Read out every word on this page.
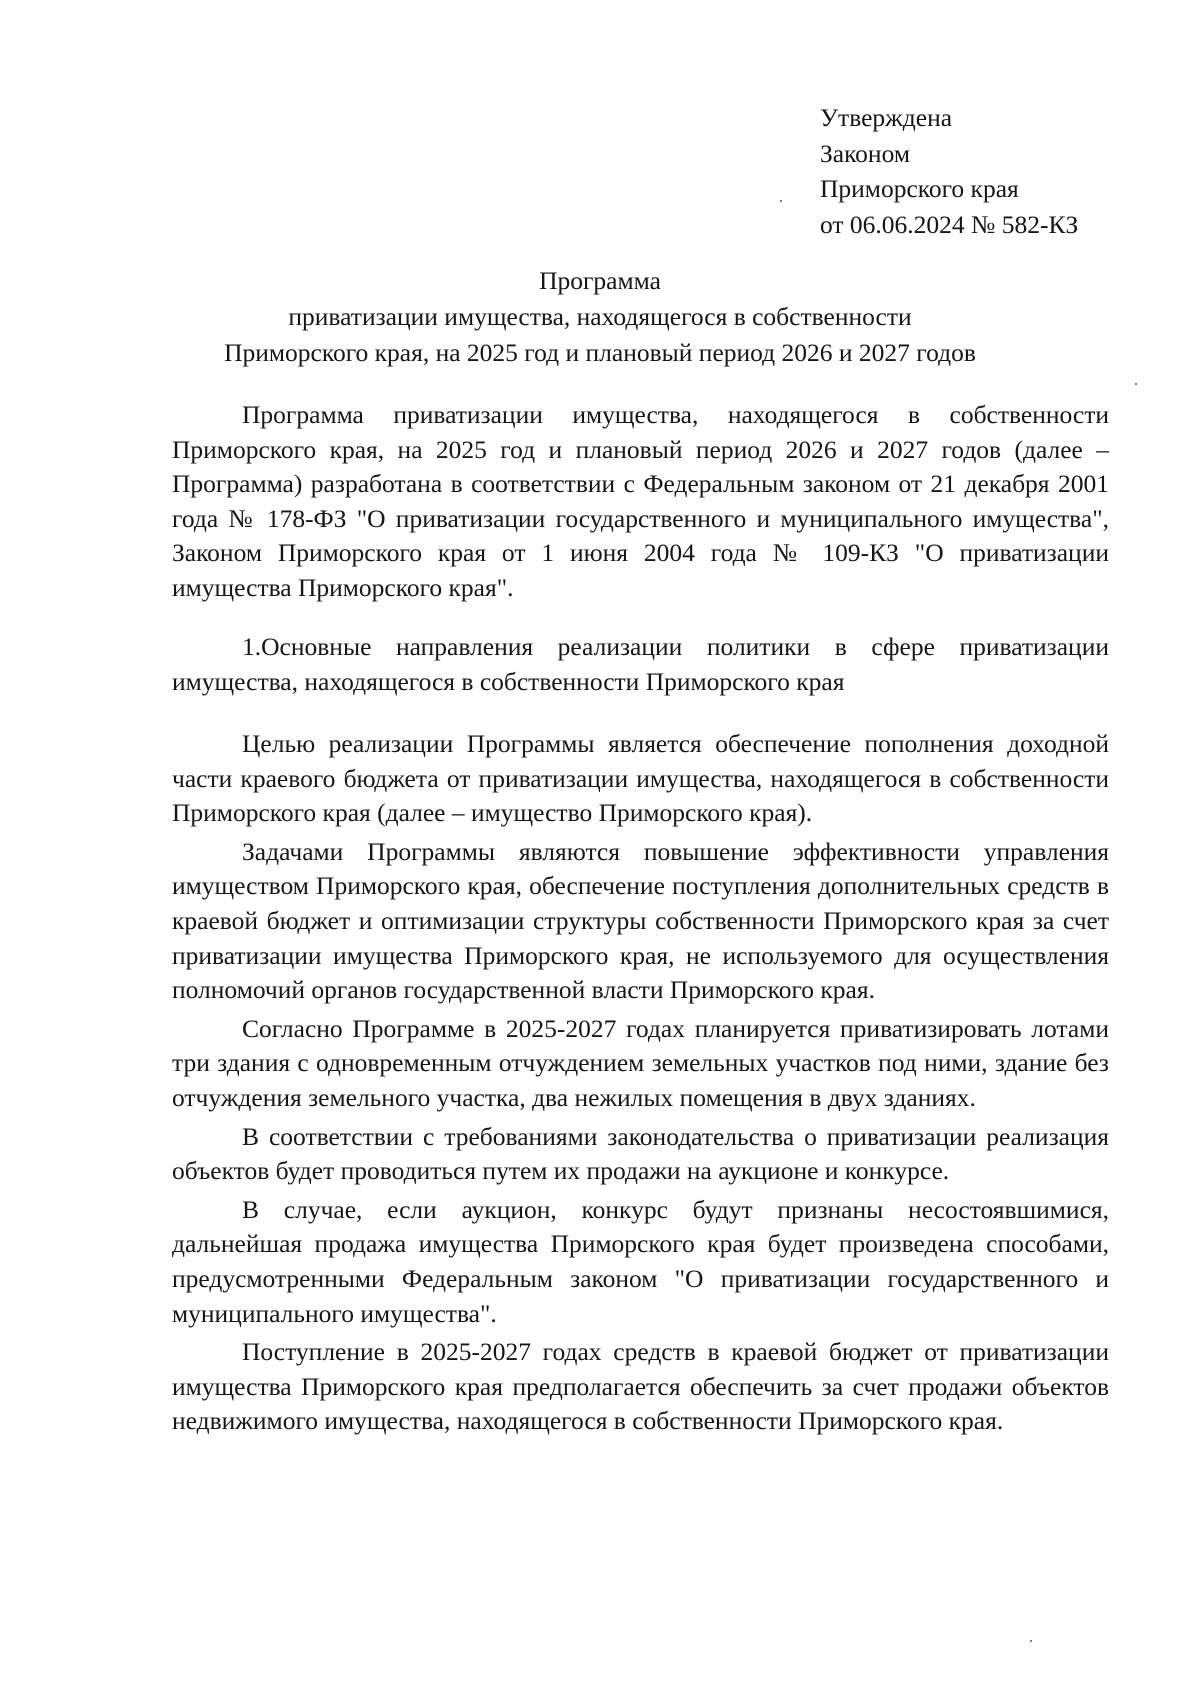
Утверждена
Законом
Приморского края
от 06.06.2024 № 582-КЗ
Программа
приватизации имущества, находящегося в собственности
Приморского края, на 2025 год и плановый период 2026 и 2027 годов

Программа приватизации имущества, находящегося в собственности Приморского края, на 2025 год и плановый период 2026 и 2027 годов (далее – Программа) разработана в соответствии с Федеральным законом от 21 декабря 2001 года № 178-ФЗ "О приватизации государственного и муниципального имущества", Законом Приморского края от 1 июня 2004 года № 109-КЗ "О приватизации имущества Приморского края".

1.Основные направления реализации политики в сфере приватизации имущества, находящегося в собственности Приморского края

Целью реализации Программы является обеспечение пополнения доходной части краевого бюджета от приватизации имущества, находящегося в собственности Приморского края (далее – имущество Приморского края).

Задачами Программы являются повышение эффективности управления имуществом Приморского края, обеспечение поступления дополнительных средств в краевой бюджет и оптимизации структуры собственности Приморского края за счет приватизации имущества Приморского края, не используемого для осуществления полномочий органов государственной власти Приморского края.

Согласно Программе в 2025-2027 годах планируется приватизировать лотами три здания с одновременным отчуждением земельных участков под ними, здание без отчуждения земельного участка, два нежилых помещения в двух зданиях.

В соответствии с требованиями законодательства о приватизации реализация объектов будет проводиться путем их продажи на аукционе и конкурсе.

В случае, если аукцион, конкурс будут признаны несостоявшимися, дальнейшая продажа имущества Приморского края будет произведена способами, предусмотренными Федеральным законом "О приватизации государственного и муниципального имущества".

Поступление в 2025-2027 годах средств в краевой бюджет от приватизации имущества Приморского края предполагается обеспечить за счет продажи объектов недвижимого имущества, находящегося в собственности Приморского края.
